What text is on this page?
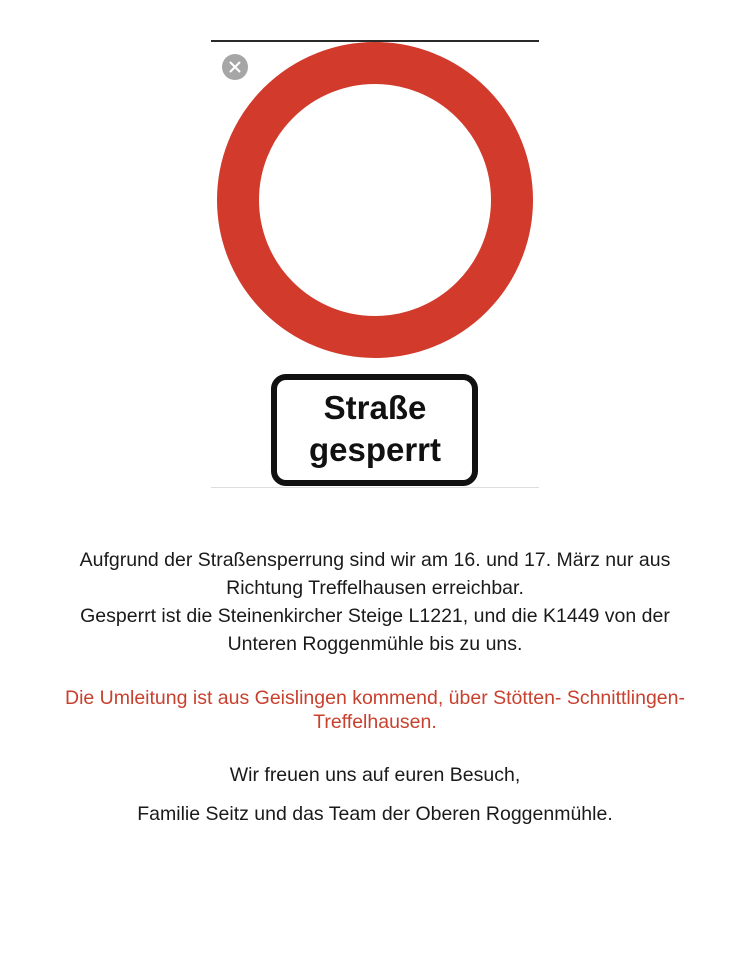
Straße
gesperrt

Aufgrund der Straßensperrung sind wir am 16. und 17. März nur aus

Richtung Treffelhausen erreichbar.

Gesperrt ist die Steinenkircher Steige L1221, und die K1449 von der

Unteren Roggenmühle bis zu uns.

Die Umleitung ist aus Geislingen kommend, über Stötten- Schnittlingen-
Treffelhausen.
Wir freuen uns auf euren Besuch,
Familie Seitz und das Team der Oberen Roggenmühle.
